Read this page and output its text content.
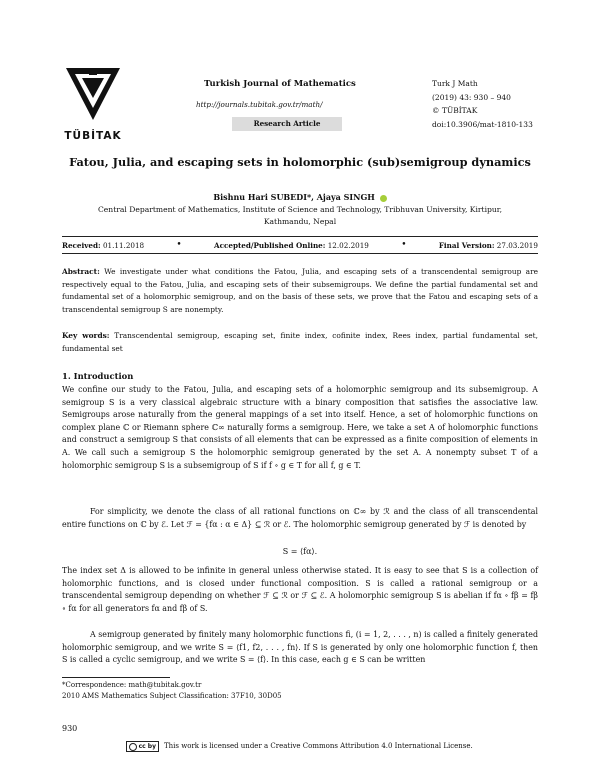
TÜBİTAK
Turkish Journal of Mathematics
http://journals.tubitak.gov.tr/math/
Research Article
Turk J Math
(2019) 43: 930 – 940
© TÜBİTAK
doi:10.3906/mat-1810-133
Fatou, Julia, and escaping sets in holomorphic (sub)semigroup dynamics
Bishnu Hari SUBEDI*, Ajaya SINGH
Central Department of Mathematics, Institute of Science and Technology, Tribhuvan University, Kirtipur, Kathmandu, Nepal
Received: 01.11.2018	•	Accepted/Published Online: 12.02.2019	•	Final Version: 27.03.2019
Abstract: We investigate under what conditions the Fatou, Julia, and escaping sets of a transcendental semigroup are respectively equal to the Fatou, Julia, and escaping sets of their subsemigroups. We define the partial fundamental set and fundamental set of a holomorphic semigroup, and on the basis of these sets, we prove that the Fatou and escaping sets of a transcendental semigroup S are nonempty.
Key words: Transcendental semigroup, escaping set, finite index, cofinite index, Rees index, partial fundamental set, fundamental set
1. Introduction
We confine our study to the Fatou, Julia, and escaping sets of a holomorphic semigroup and its subsemigroup. A semigroup S is a very classical algebraic structure with a binary composition that satisfies the associative law. Semigroups arose naturally from the general mappings of a set into itself. Hence, a set of holomorphic functions on complex plane ℂ or Riemann sphere ℂ∞ naturally forms a semigroup. Here, we take a set A of holomorphic functions and construct a semigroup S that consists of all elements that can be expressed as a finite composition of elements in A. We call such a semigroup S the holomorphic semigroup generated by the set A. A nonempty subset T of a holomorphic semigroup S is a subsemigroup of S if f ∘ g ∈ T for all f, g ∈ T.
For simplicity, we denote the class of all rational functions on ℂ∞ by ℛ and the class of all transcendental entire functions on ℂ by ℰ. Let ℱ = {fα : α ∈ Δ} ⊆ ℛ or ℰ. The holomorphic semigroup generated by ℱ is denoted by
S = ⟨fα⟩.
The index set Δ is allowed to be infinite in general unless otherwise stated. It is easy to see that S is a collection of holomorphic functions, and is closed under functional composition. S is called a rational semigroup or a transcendental semigroup depending on whether ℱ ⊆ ℛ or ℱ ⊆ ℰ. A holomorphic semigroup S is abelian if fα ∘ fβ = fβ ∘ fα for all generators fα and fβ of S.
A semigroup generated by finitely many holomorphic functions fi, (i = 1, 2, . . . , n) is called a finitely generated holomorphic semigroup, and we write S = ⟨f1, f2, . . . , fn⟩. If S is generated by only one holomorphic function f, then S is called a cyclic semigroup, and we write S = ⟨f⟩. In this case, each g ∈ S can be written
*Correspondence: math@tubitak.gov.tr
2010 AMS Mathematics Subject Classification: 37F10, 30D05
930
cc by This work is licensed under a Creative Commons Attribution 4.0 International License.
